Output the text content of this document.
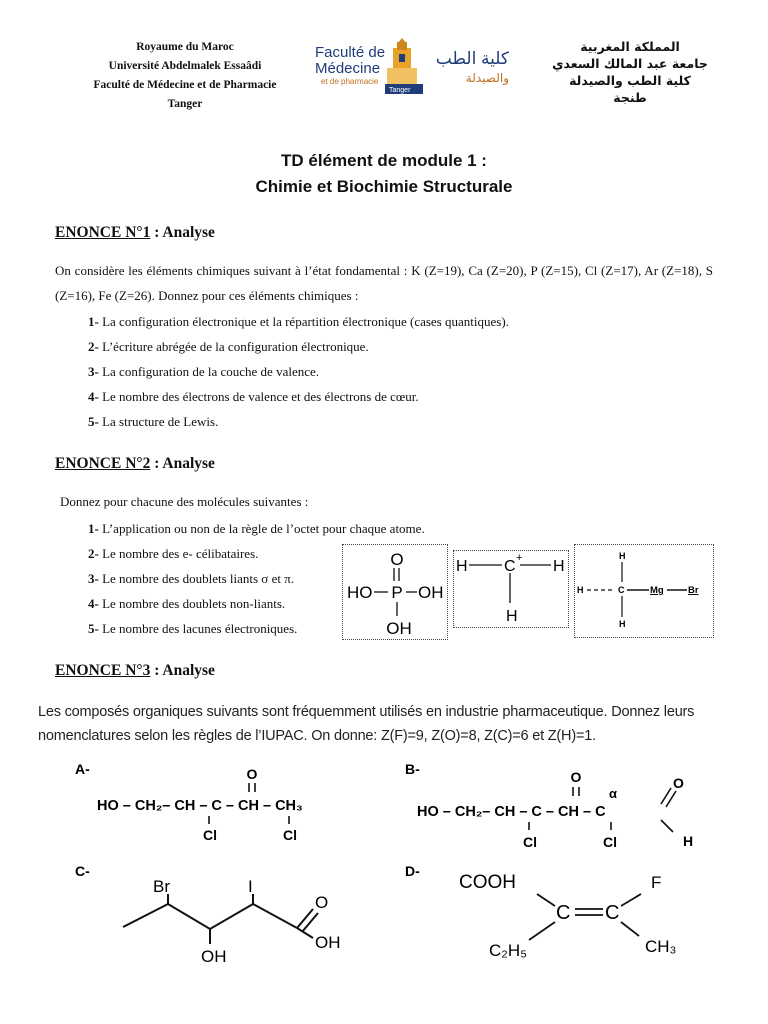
Royaume du Maroc
Université Abdelmalek Essaâdi
Faculté de Médecine et de Pharmacie
Tanger
Faculté de
Médecine
et de pharmacie
Tanger
كلية الطب
والصيدلة
المملكة المغربية
جامعة عبد المالك السعدي
كلية الطب والصيدلة
طنجة
TD élément de module 1 :
Chimie et Biochimie Structurale
ENONCE N°1 : Analyse
On considère les éléments chimiques suivant à l’état fondamental : K (Z=19), Ca (Z=20), P (Z=15), Cl (Z=17), Ar (Z=18), S (Z=16), Fe (Z=26). Donnez pour ces éléments chimiques :
1- La configuration électronique et la répartition électronique (cases quantiques).
2- L’écriture abrégée de la configuration électronique.
3- La configuration de la couche de valence.
4- Le nombre des électrons de valence et des électrons de cœur.
5- La structure de Lewis.
ENONCE N°2 : Analyse
Donnez pour chacune des molécules suivantes :
1- L’application ou non de la règle de l’octet pour chaque atome.
2- Le nombre des e- célibataires.
3- Le nombre des doublets liants σ et π.
4- Le nombre des doublets non-liants.
5- Le nombre des lacunes électroniques.
O
P
HO	OH
OH
H C + H
H
H
H	C	Mg	Br
H
ENONCE N°3 : Analyse
Les composés organiques suivants sont fréquemment utilisés en industrie pharmaceutique. Donnez leurs nomenclatures selon les règles de l’IUPAC. On donne: Z(F)=9, Z(O)=8, Z(C)=6 et Z(H)=1.
A-	O
HO – CH₂– CH – C – CH – CH₃
Cl	Cl
B-	O
α
HO – CH₂– CH – C – CH – C
O
H
Cl	Cl
C-
Br	I
OH
O
OH
D-
COOH	F
C C
C₂H₅	CH₃
